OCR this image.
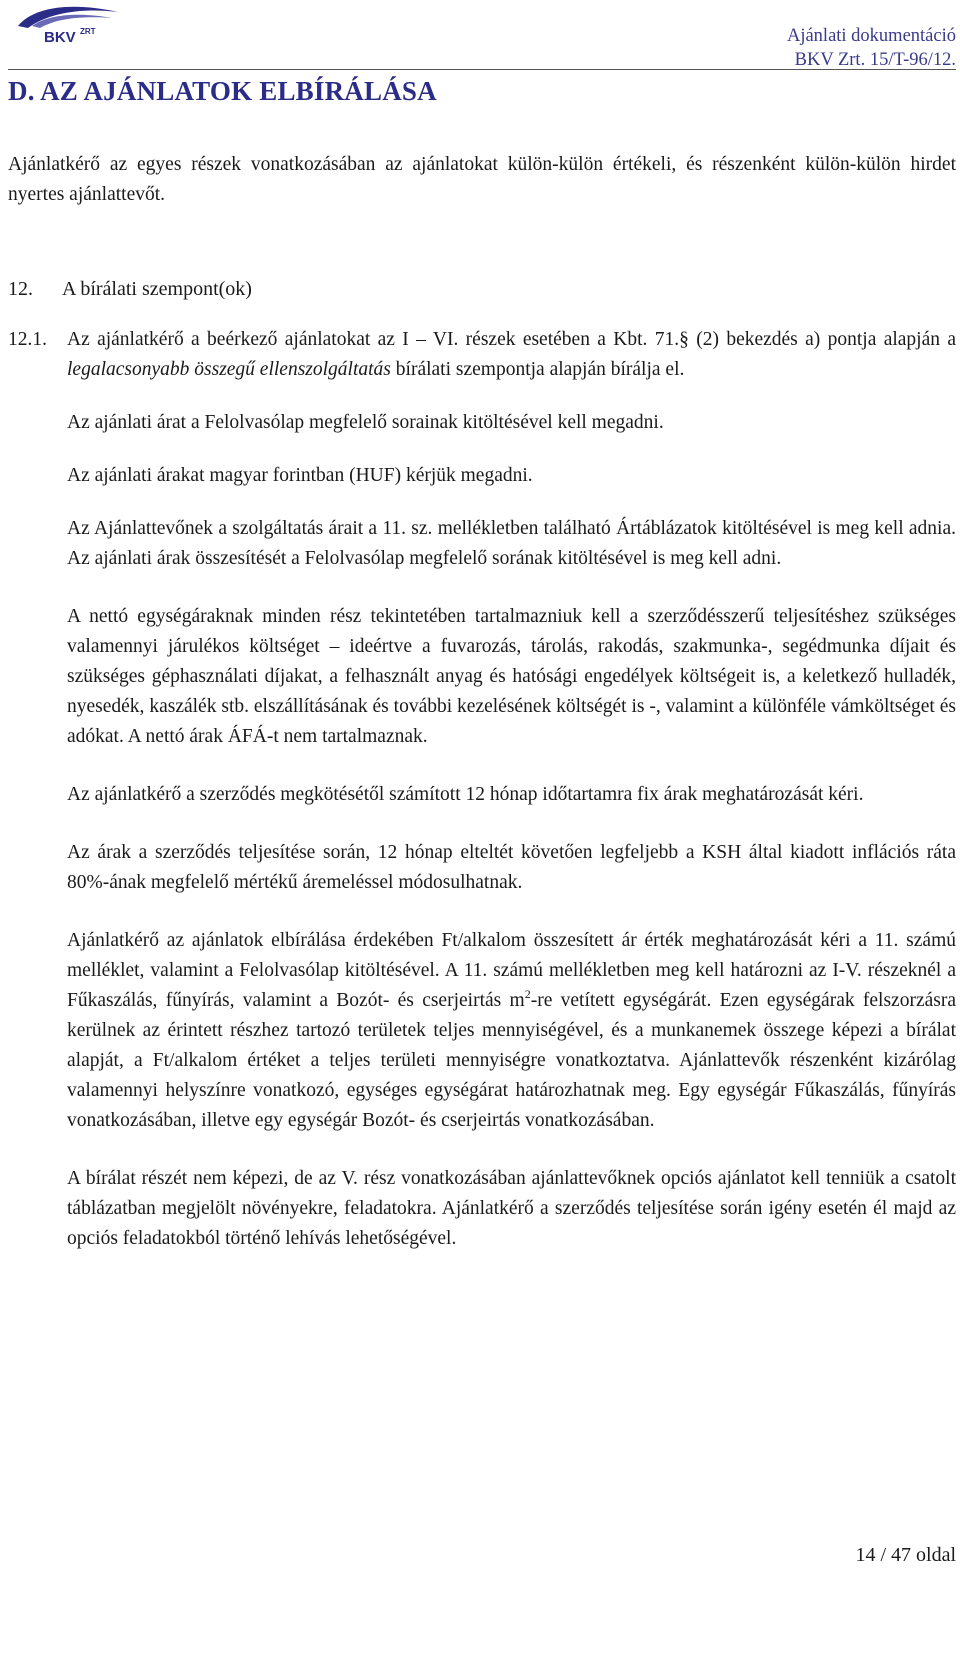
BKV ZRT	Ajánlati dokumentáció
BKV Zrt. 15/T-96/12.
D. AZ AJÁNLATOK ELBÍRÁLÁSA

Ajánlatkérő az egyes részek vonatkozásában az ajánlatokat külön-külön értékeli, és részenként külön-külön hirdet nyertes ajánlattevőt.

12. A bírálati szempont(ok)

12.1. Az ajánlatkérő a beérkező ajánlatokat az I – VI. részek esetében a Kbt. 71.§ (2) bekezdés a) pontja alapján a legalacsonyabb összegű ellenszolgáltatás bírálati szempontja alapján bírálja el.

Az ajánlati árat a Felolvasólap megfelelő sorainak kitöltésével kell megadni.

Az ajánlati árakat magyar forintban (HUF) kérjük megadni.

Az Ajánlattevőnek a szolgáltatás árait a 11. sz. mellékletben található Ártáblázatok kitöltésével is meg kell adnia. Az ajánlati árak összesítését a Felolvasólap megfelelő sorának kitöltésével is meg kell adni.

A nettó egységáraknak minden rész tekintetében tartalmazniuk kell a szerződésszerű teljesítéshez szükséges valamennyi járulékos költséget – ideértve a fuvarozás, tárolás, rakodás, szakmunka-, segédmunka díjait és szükséges géphasználati díjakat, a felhasznált anyag és hatósági engedélyek költségeit is, a keletkező hulladék, nyesedék, kaszálék stb. elszállításának és további kezelésének költségét is -, valamint a különféle vámköltséget és adókat. A nettó árak ÁFÁ-t nem tartalmaznak.

Az ajánlatkérő a szerződés megkötésétől számított 12 hónap időtartamra fix árak meghatározását kéri.

Az árak a szerződés teljesítése során, 12 hónap elteltét követően legfeljebb a KSH által kiadott inflációs ráta 80%-ának megfelelő mértékű áremeléssel módosulhatnak.

Ajánlatkérő az ajánlatok elbírálása érdekében Ft/alkalom összesített ár érték meghatározását kéri a 11. számú melléklet, valamint a Felolvasólap kitöltésével. A 11. számú mellékletben meg kell határozni az I-V. részeknél a Fűkaszálás, fűnyírás, valamint a Bozót- és cserjeirtás $m^2-re$ vetített egységárát. Ezen egységárak felszorzásra kerülnek az érintett részhez tartozó területek teljes mennyiségével, és a munkanemek összege képezi a bírálat alapját, a Ft/alkalom értéket a teljes területi mennyiségre vonatkoztatva. Ajánlattevők részenként kizárólag valamennyi helyszínre vonatkozó, egységes egységárat határozhatnak meg. Egy egységár Fűkaszálás, fűnyírás vonatkozásában, illetve egy egységár Bozót- és cserjeirtás vonatkozásában.

A bírálat részét nem képezi, de az V. rész vonatkozásában ajánlattevőknek opciós ajánlatot kell tenniük a csatolt táblázatban megjelölt növényekre, feladatokra. Ajánlatkérő a szerződés teljesítése során igény esetén él majd az opciós feladatokból történő lehívás lehetőségével.

14 / 47 oldal
